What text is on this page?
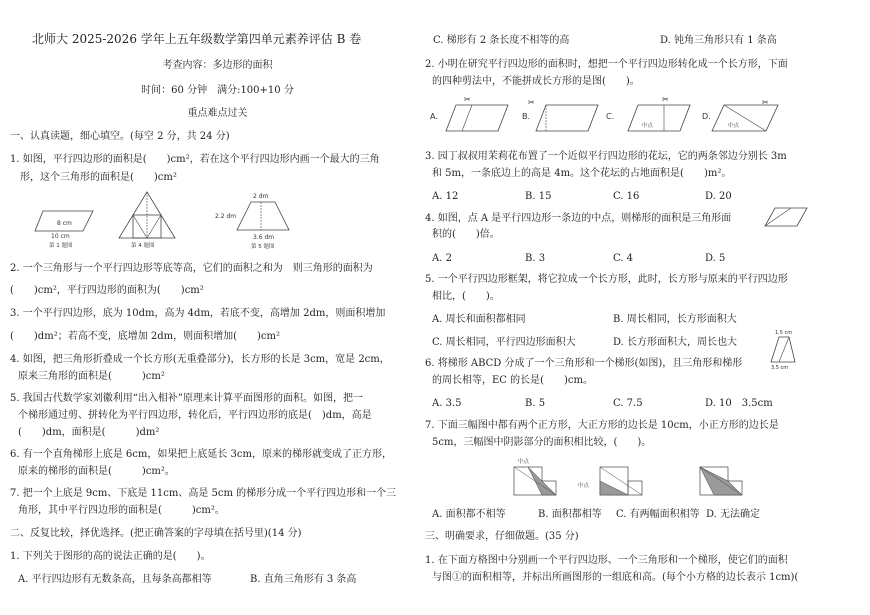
北师大 2025-2026 学年上五年级数学第四单元素养评估 B 卷
考查内容：多边形的面积
时间：60 分钟　满分:100+10 分
重点难点过关
一、认真读题，细心填空。(每空 2 分，共 24 分)
1. 如图，平行四边形的面积是(　　)cm²，若在这个平行四边形内画一个最大的三角
形，这个三角形的面积是(　　)cm²
8 cm
10 cm
第 1 题图	第 4 题图
2 dm
2.2 dm
3.6 dm
第 5 题图
2. 一个三角形与一个平行四边形等底等高，它们的面积之和为　则三角形的面积为
(　　)cm²，平行四边形的面积为(　　)cm²
3. 一个平行四边形，底为 10dm，高为 4dm，若底不变，高增加 2dm，则面积增加
(　　)dm²；若高不变，底增加 2dm，则面积增加(　　)cm²
4. 如图，把三角形折叠成一个长方形(无重叠部分)，长方形的长是 3cm，宽是 2cm，
原来三角形的面积是(　　　)cm²
5. 我国古代数学家刘徽利用“出入相补”原理来计算平面图形的面积。如图，把一
个梯形通过剪、拼转化为平行四边形，转化后，平行四边形的底是(　)dm，高是
(　　)dm，面积是(　　　)dm²
6. 有一个直角梯形上底是 6cm，如果把上底延长 3cm，原来的梯形就变成了正方形，
原来的梯形的面积是(　　　)cm²。
7. 把一个上底是 9cm、下底是 11cm、高是 5cm 的梯形分成一个平行四边形和一个三
角形，其中平行四边形的面积是(　　　)cm²。
二、反复比较，择优选择。(把正确答案的字母填在括号里)(14 分)
1. 下列关于图形的高的说法正确的是(　　)。
A. 平行四边形有无数条高，且每条高都相等	B. 直角三角形有 3 条高
C. 梯形有 2 条长度不相等的高	D. 钝角三角形只有 1 条高
2. 小明在研究平行四边形的面积时，想把一个平行四边形转化成一个长方形，下面
的四种剪法中，不能拼成长方形的是图(　　)。
A.
✂
B.
✂
C.
中点
✂
D.
中点
✂
3. 园丁叔叔用茉莉花布置了一个近似平行四边形的花坛，它的两条邻边分别长 3m
和 5m，一条底边上的高是 4m。这个花坛的占地面积是(　　)m²。
A. 12	B. 15	C. 16	D. 20
4. 如图，点 A 是平行四边形一条边的中点，则梯形的面积是三角形面
积的(　　)倍。
A. 2	B. 3	C. 4	D. 5
5. 一个平行四边形框架，将它拉成一个长方形，此时，长方形与原来的平行四边形
相比，(　　)。
A. 周长和面积都相同	B. 周长相同，长方形面积大
C. 周长相同，平行四边形面积大	D. 长方形面积大，周长也大
1.5 cm
3.5 cm
6. 将梯形 ABCD 分成了一个三角形和一个梯形(如图)，且三角形和梯形
的周长相等，EC 的长是(　　)cm。
A. 3.5	B. 5	C. 7.5	D. 10　3.5cm
7. 下面三幅图中都有两个正方形，大正方形的边长是 10cm，小正方形的边长是
5cm，三幅图中阴影部分的面积相比较，(　　)。
中点
中点
A. 面积都不相等	B. 面积都相等 C. 有两幅面积相等 D. 无法确定
三、明确要求，仔细做题。(35 分)
1. 在下面方格图中分别画一个平行四边形、一个三角形和一个梯形，使它们的面积
与图①的面积相等，并标出所画图形的一组底和高。(每个小方格的边长表示 1cm)(
